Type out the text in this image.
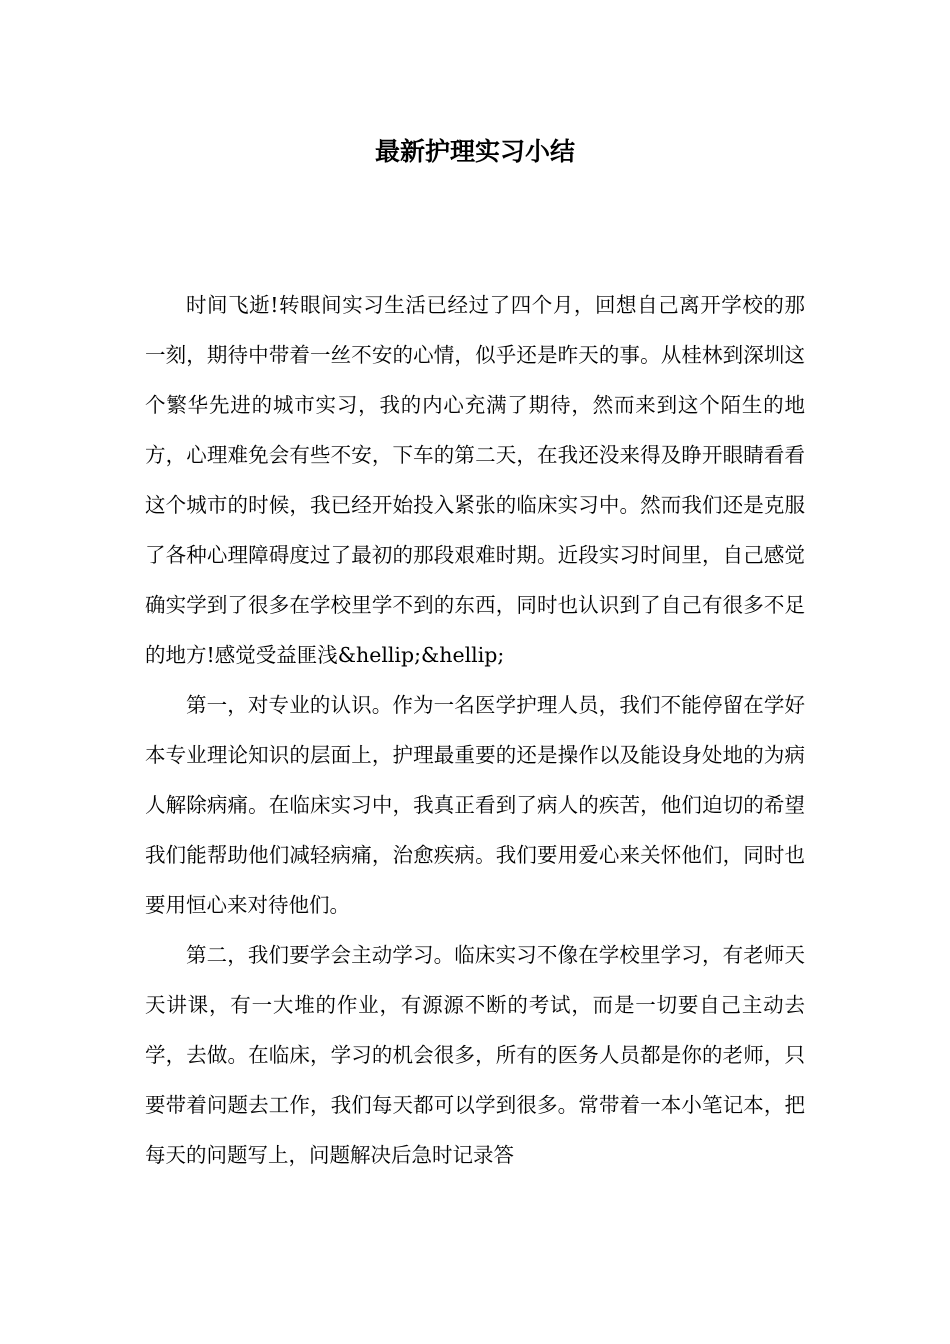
最新护理实习小结

时间飞逝!转眼间实习生活已经过了四个月，回想自己离开学校的那一刻，期待中带着一丝不安的心情，似乎还是昨天的事。从桂林到深圳这个繁华先进的城市实习，我的内心充满了期待，然而来到这个陌生的地方，心理难免会有些不安，下车的第二天，在我还没来得及睁开眼睛看看这个城市的时候，我已经开始投入紧张的临床实习中。然而我们还是克服了各种心理障碍度过了最初的那段艰难时期。近段实习时间里，自己感觉确实学到了很多在学校里学不到的东西，同时也认识到了自己有很多不足的地方!感觉受益匪浅&hellip;&hellip;

第一，对专业的认识。作为一名医学护理人员，我们不能停留在学好本专业理论知识的层面上，护理最重要的还是操作以及能设身处地的为病人解除病痛。在临床实习中，我真正看到了病人的疾苦，他们迫切的希望我们能帮助他们减轻病痛，治愈疾病。我们要用爱心来关怀他们，同时也要用恒心来对待他们。

第二，我们要学会主动学习。临床实习不像在学校里学习，有老师天天讲课，有一大堆的作业，有源源不断的考试，而是一切要自己主动去学，去做。在临床，学习的机会很多，所有的医务人员都是你的老师，只要带着问题去工作，我们每天都可以学到很多。常带着一本小笔记本，把每天的问题写上，问题解决后急时记录答
